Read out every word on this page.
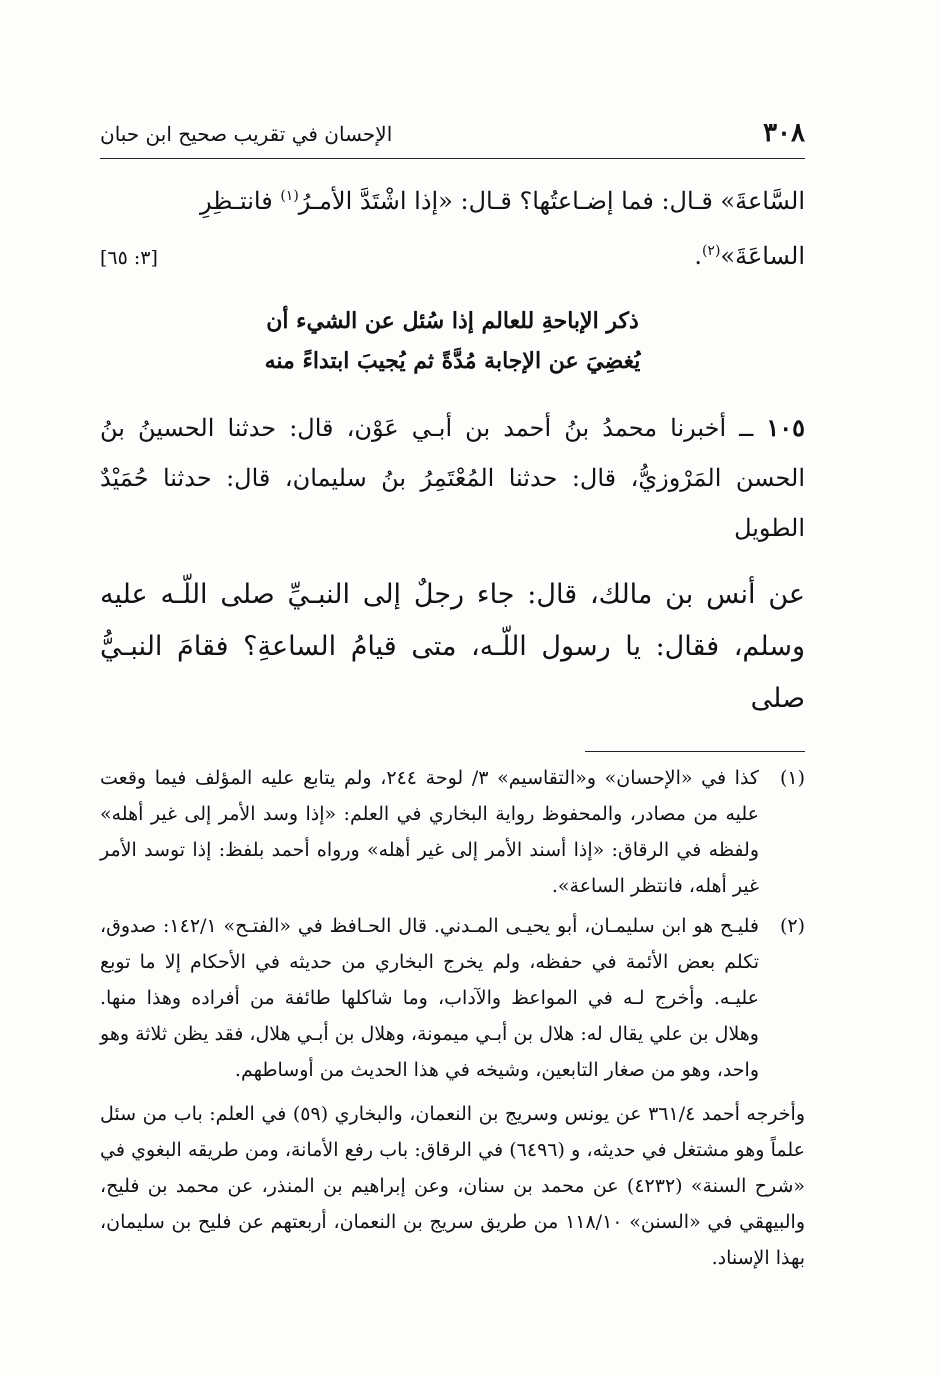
٣٠٨
الإحسان في تقريب صحيح ابن حبان
السَّاعةَ» قـال: فما إضـاعتُها؟ قـال: «إذا اشْتَدَّ الأمـرُ$^{(١)}$ فانتـظِرِ
الساعَةَ»$^{(٢)}$.
[٣: ٦٥]
ذكر الإباحةِ للعالم إذا سُئل عن الشيء أن
يُغضِيَ عن الإجابة مُدَّةً ثم يُجيبَ ابتداءً منه
١٠٥ ــ أخبرنا محمدُ بنُ أحمد بن أبـي عَوْن، قال: حدثنا الحسينُ بنُ الحسن المَرْوزيُّ، قال: حدثنا المُعْتَمِرُ بنُ سليمان، قال: حدثنا حُمَيْدٌ الطويل
عن أنس بن مالك، قال: جاء رجلٌ إلى النبـيِّ صلى اللّـه عليه وسلم، فقال: يا رسول اللّـه، متى قيامُ الساعةِ؟ فقامَ النبـيُّ صلى
(١)
كذا في «الإحسان» و«التقاسيم» ٣/ لوحة ٢٤٤، ولم يتابع عليه المؤلف فيما وقعت عليه من مصادر، والمحفوظ رواية البخاري في العلم: «إذا وسد الأمر إلى غير أهله» ولفظه في الرقاق: «إذا أسند الأمر إلى غير أهله» ورواه أحمد بلفظ: إذا توسد الأمر غير أهله، فانتظر الساعة».
(٢)
فليـح هو ابن سليمـان، أبو يحيـى المـدني. قال الحـافظ في «الفتـح» ١٤٢/١: صدوق، تكلم بعض الأئمة في حفظه، ولم يخرج البخاري من حديثه في الأحكام إلا ما توبع عليـه. وأخرج لـه في المواعظ والآداب، وما شاكلها طائفة من أفراده وهذا منها. وهلال بن علي يقال له: هلال بن أبـي ميمونة، وهلال بن أبـي هلال، فقد يظن ثلاثة وهو واحد، وهو من صغار التابعين، وشيخه في هذا الحديث من أوساطهم.
وأخرجه أحمد ٣٦١/٤ عن يونس وسريج بن النعمان، والبخاري (٥٩) في العلم: باب من سئل علماً وهو مشتغل في حديثه، و (٦٤٩٦) في الرقاق: باب رفع الأمانة، ومن طريقه البغوي في «شرح السنة» (٤٢٣٢) عن محمد بن سنان، وعن إبراهيم بن المنذر، عن محمد بن فليح، والبيهقي في «السنن» ١١٨/١٠ من طريق سريج بن النعمان، أربعتهم عن فليح بن سليمان، بهذا الإسناد.
